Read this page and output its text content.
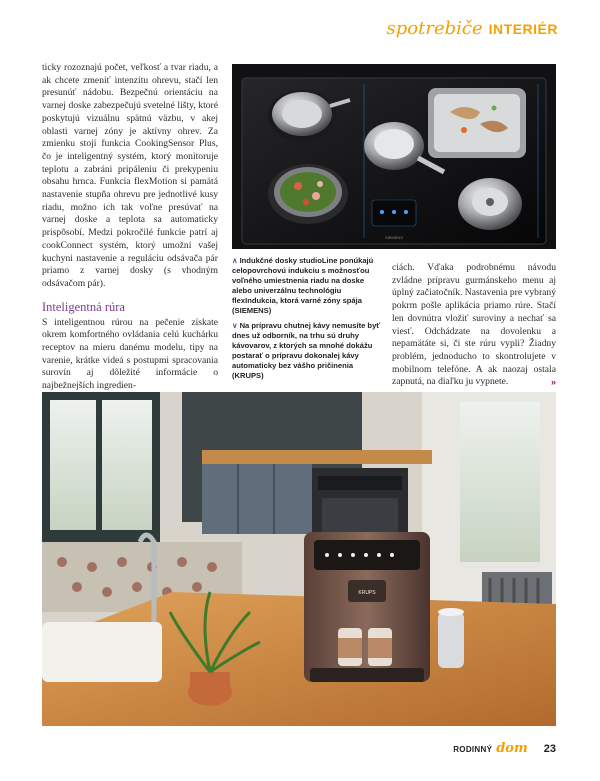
spotrebiče INTERIÉR

ticky rozoznajú počet, veľkosť a tvar riadu, a ak chcete zmeniť intenzitu ohrevu, stačí len presunúť nádobu. Bezpečnú orientáciu na varnej doske zabezpečujú svetelné lišty, ktoré poskytujú vizuálnu spätnú väzbu, v akej oblasti varnej zóny je aktívny ohrev. Za zmienku stojí funkcia CookingSensor Plus, čo je inteligentný systém, ktorý monitoruje teplotu a zabráni pripáleniu či prekypeniu obsahu hrnca. Funkcia flexMotion si pamätá nastavenie stupňa ohrevu pre jednotlivé kusy riadu, možno ich tak voľne presúvať na varnej doske a teplota sa automaticky prispôsobí. Medzi pokročilé funkcie patrí aj cookConnect systém, ktorý umožní vašej kuchyni nastavenie a reguláciu odsávača pár priamo z varnej dosky (s vhodným odsávačom pár).

Inteligentná rúra

S inteligentnou rúrou na pečenie získate okrem komfortného ovládania celú kuchárku receptov na mieru danému modelu, tipy na varenie, krátke videá s postupmi spracovania surovín aj dôležité informácie o najbežnejších ingredien-

SIEMENS

∧ Indukčné dosky studioLine ponúkajú celopovrchovú indukciu s možnosťou voľného umiestnenia riadu na doske alebo univerzálnu technológiu flexIndukcia, ktorá varné zóny spája (SIEMENS)

∨ Na prípravu chutnej kávy nemusíte byť dnes už odborník, na trhu sú druhy kávovarov, z ktorých sa mnohé dokážu postarať o prípravu dokonalej kávy automaticky bez vášho pričinenia (KRUPS)

ciách. Vďaka podrobnému návodu zvládne prípravu gurmánskeho menu aj úplný začiatočník. Nastavenia pre vybraný pokrm pošle aplikácia priamo rúre. Stačí len dovnútra vložiť suroviny a nechať sa viesť. Odchádzate na dovolenku a nepamätáte si, či ste rúru vypli? Žiadny problém, jednoducho to skontrolujete v mobilnom telefóne. A ak naozaj ostala zapnutá, na diaľku ju vypnete.	»

KRUPS
RODINNÝ dom 23
